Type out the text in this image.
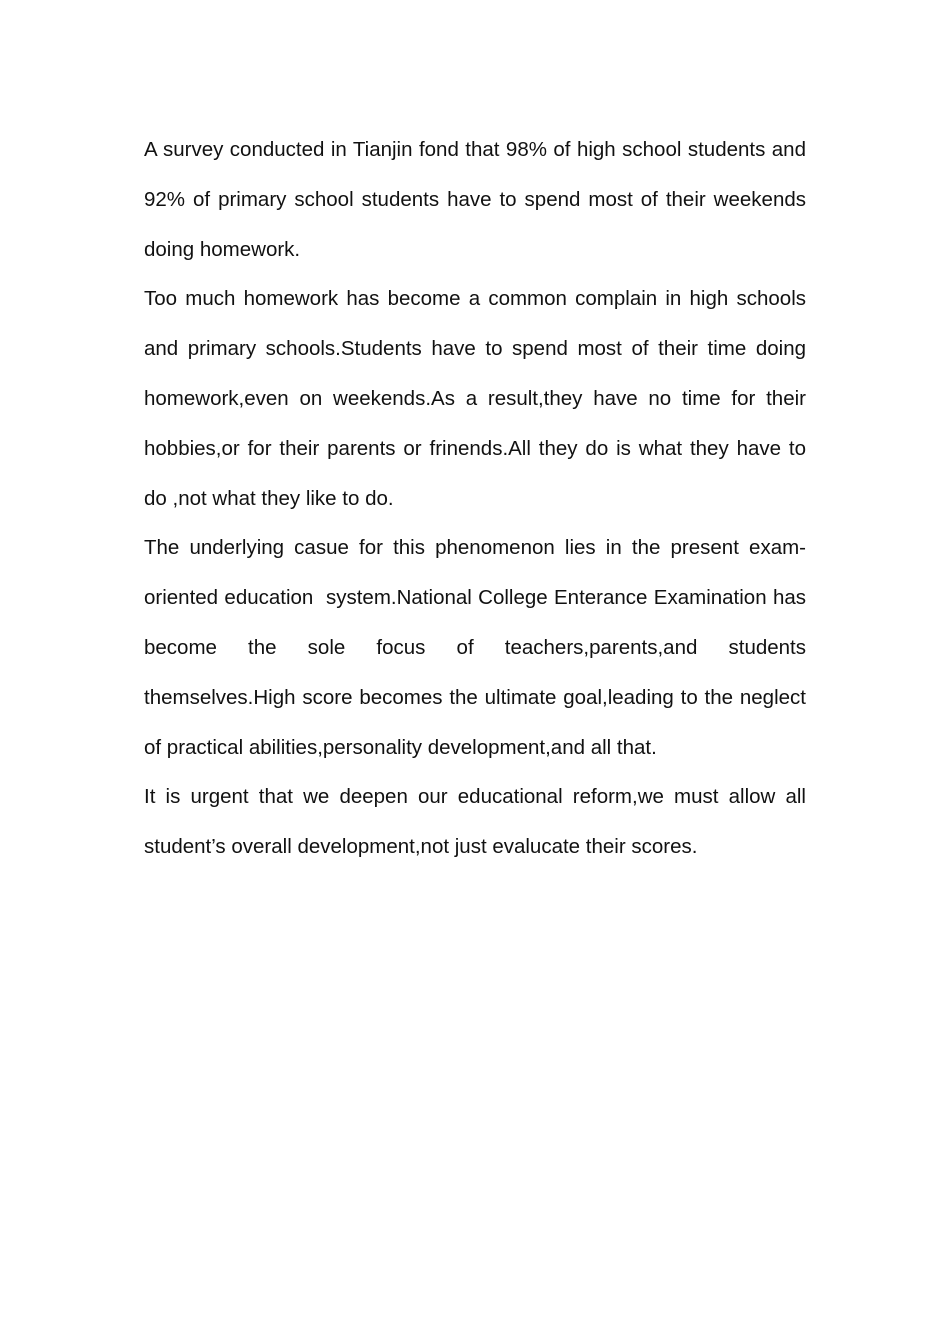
A survey conducted in Tianjin fond that 98% of high school students and 92% of primary school students have to spend most of their weekends doing homework.

Too much homework has become a common complain in high schools and primary schools.Students have to spend most of their time doing homework,even on weekends.As a result,they have no time for their hobbies,or for their parents or frinends.All they do is what they have to do ,not what they like to do.

The underlying casue for this phenomenon lies in the present exam-oriented education  system.National College Enterance Examination has become the sole focus of teachers,parents,and students themselves.High score becomes the ultimate goal,leading to the neglect of practical abilities,personality development,and all that.

It is urgent that we deepen our educational reform,we must allow all student’s overall development,not just evalucate their scores.
